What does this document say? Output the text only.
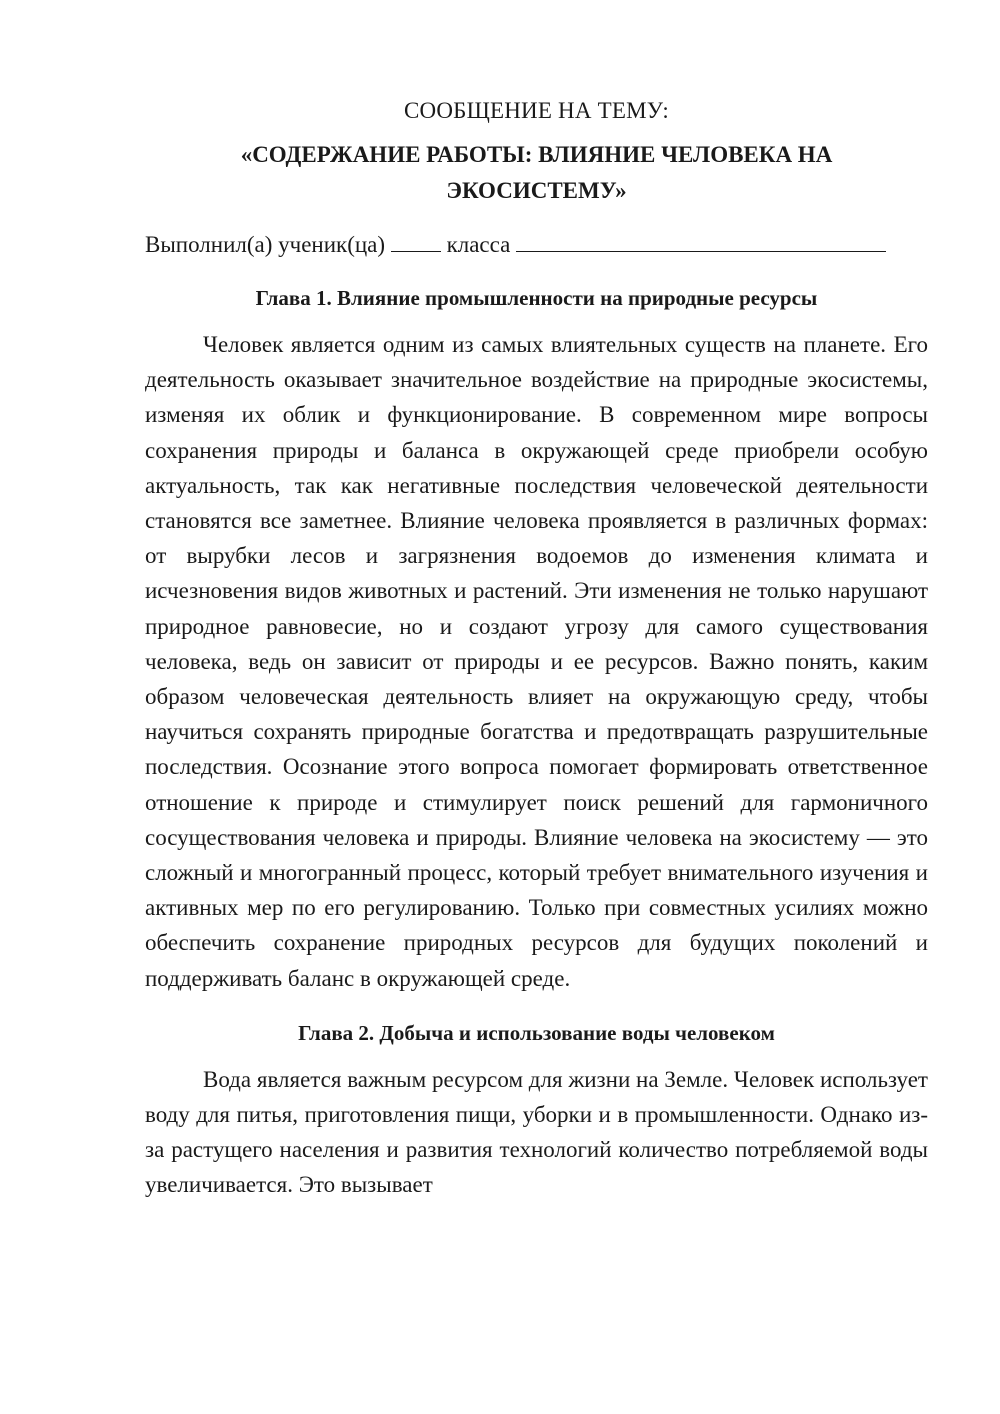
СООБЩЕНИЕ НА ТЕМУ:

«СОДЕРЖАНИЕ РАБОТЫ: ВЛИЯНИЕ ЧЕЛОВЕКА НА ЭКОСИСТЕМУ»

Выполнил(а) ученик(ца)	класса

Глава 1. Влияние промышленности на природные ресурсы

Человек является одним из самых влиятельных существ на планете. Его деятельность оказывает значительное воздействие на природные экосистемы, изменяя их облик и функционирование. В современном мире вопросы сохранения природы и баланса в окружающей среде приобрели особую актуальность, так как негативные последствия человеческой деятельности становятся все заметнее. Влияние человека проявляется в различных формах: от вырубки лесов и загрязнения водоемов до изменения климата и исчезновения видов животных и растений. Эти изменения не только нарушают природное равновесие, но и создают угрозу для самого существования человека, ведь он зависит от природы и ее ресурсов. Важно понять, каким образом человеческая деятельность влияет на окружающую среду, чтобы научиться сохранять природные богатства и предотвращать разрушительные последствия. Осознание этого вопроса помогает формировать ответственное отношение к природе и стимулирует поиск решений для гармоничного сосуществования человека и природы. Влияние человека на экосистему — это сложный и многогранный процесс, который требует внимательного изучения и активных мер по его регулированию. Только при совместных усилиях можно обеспечить сохранение природных ресурсов для будущих поколений и поддерживать баланс в окружающей среде.

Глава 2. Добыча и использование воды человеком

Вода является важным ресурсом для жизни на Земле. Человек использует воду для питья, приготовления пищи, уборки и в промышленности. Однако из-за растущего населения и развития технологий количество потребляемой воды увеличивается. Это вызывает
